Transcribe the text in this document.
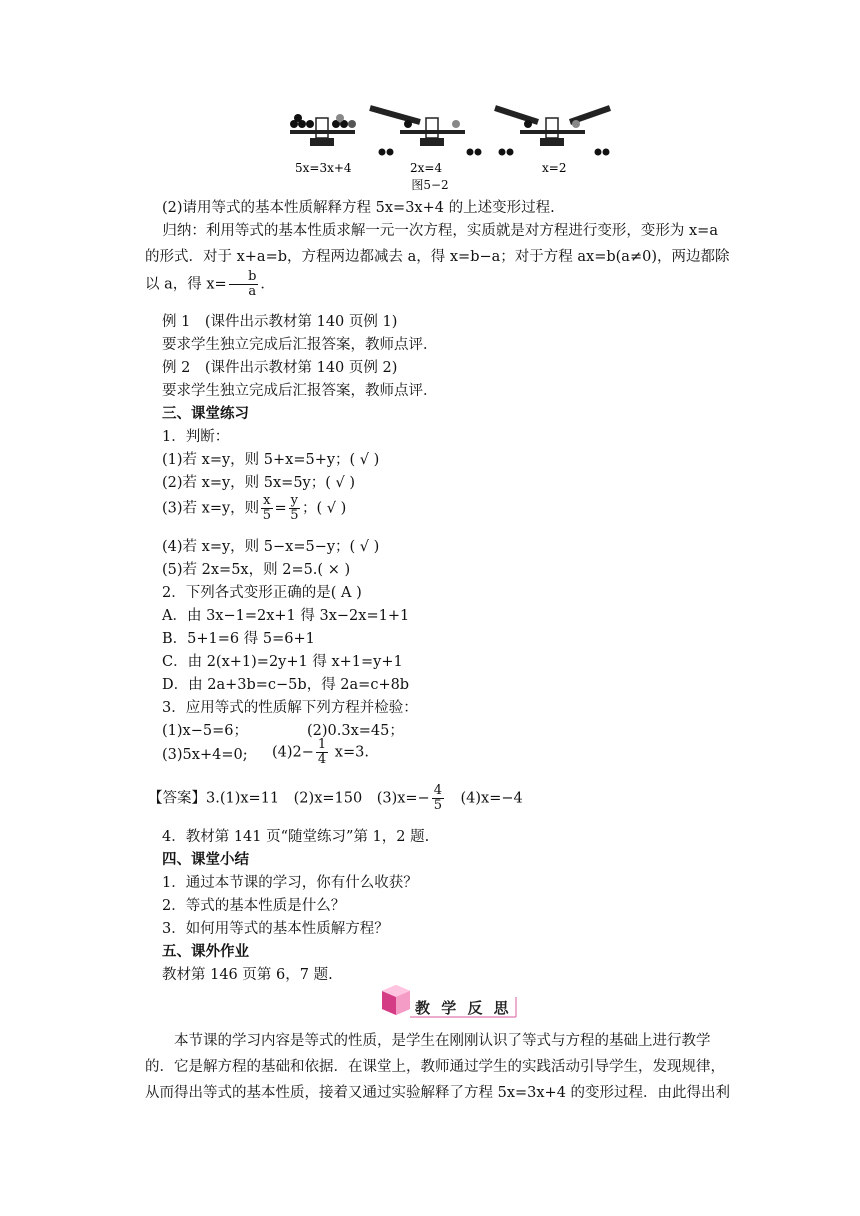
5x=3x+4	2x=4	x=2
图5−2
(2)请用等式的基本性质解释方程 5x=3x+4 的上述变形过程.
归纳：利用等式的基本性质求解一元一次方程，实质就是对方程进行变形，变形为 x=a 的形式．对于 x+a=b，方程两边都减去 a，得 x=b−a；对于方程 ax=b(a≠0)，两边都除以 a，得 $x= \frac{b}{a}$ ．
例 1　(课件出示教材第 140 页例 1)
要求学生独立完成后汇报答案，教师点评．
例 2　(课件出示教材第 140 页例 2)
要求学生独立完成后汇报答案，教师点评．
三、课堂练习
1．判断：
(1)若 x=y，则 5+x=5+y；( √ )
(2)若 x=y，则 5x=5y；( √ )
(3)若 x=y，则 $\frac{x}{5} = \frac{y}{5}$ ；( √ )
(4)若 x=y，则 5−x=5−y；( √ )
(5)若 2x=5x，则 2=5.( × )
2．下列各式变形正确的是( A )
A．由 3x−1=2x+1 得 3x−2x=1+1
B．5+1=6 得 5=6+1
C．由 2(x+1)=2y+1 得 x+1=y+1
D．由 2a+3b=c−5b，得 2a=c+8b
3．应用等式的性质解下列方程并检验：
(1)x−5=6；	(2)0.3x=45；
(3)5x+4=0; $(4)2- \frac{1}{4} x=3$.
【答案】3.(1)x=11　(2)x=150　$(3)x=- \frac{4}{5}$ 　(4)x=−4
4．教材第 141 页“随堂练习”第 1，2 题.
四、课堂小结
1．通过本节课的学习，你有什么收获？
2．等式的基本性质是什么？
3．如何用等式的基本性质解方程？
五、课外作业
教材第 146 页第 6，7 题.
教 学 反 思
本节课的学习内容是等式的性质，是学生在刚刚认识了等式与方程的基础上进行教学的．它是解方程的基础和依据．在课堂上，教师通过学生的实践活动引导学生，发现规律，从而得出等式的基本性质，接着又通过实验解释了方程 5x=3x+4 的变形过程．由此得出利
